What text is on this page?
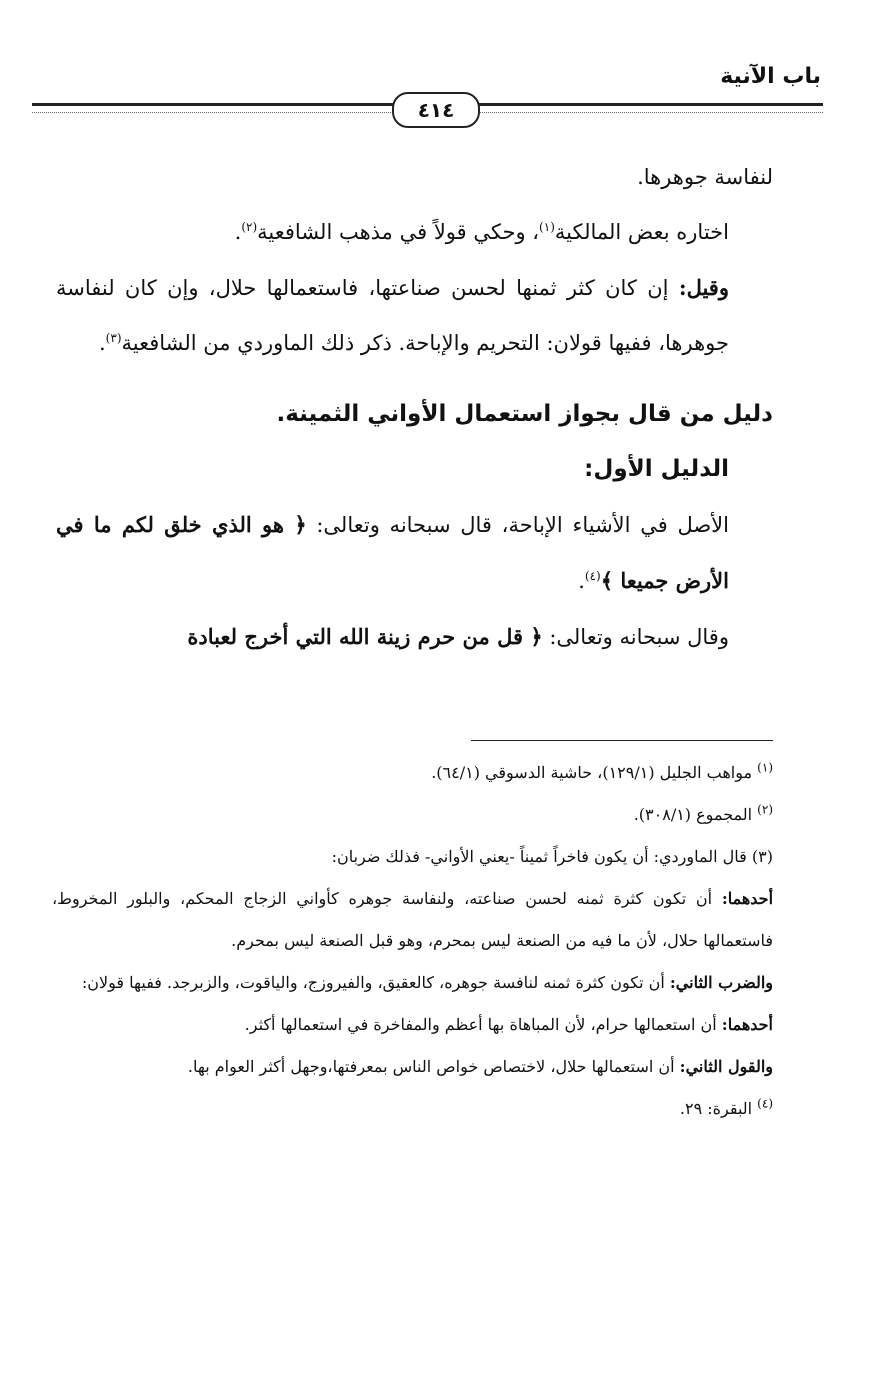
باب الآنية
٤١٤

لنفاسة جوهرها.

اختاره بعض المالكية$^{(١)}$، وحكي قولاً في مذهب الشافعية$^{(٢)}$.

وقيل: إن كان كثر ثمنها لحسن صناعتها، فاستعمالها حلال، وإن كان لنفاسة جوهرها، ففيها قولان: التحريم والإباحة. ذكر ذلك الماوردي من الشافعية$^{(٣)}$.

دليل من قال بجواز استعمال الأواني الثمينة.

الدليل الأول:

الأصل في الأشياء الإباحة، قال سبحانه وتعالى: ﴿ هو الذي خلق لكم ما في الأرض جميعا ﴾$^{(٤)}$.

وقال سبحانه وتعالى: ﴿ قل من حرم زينة الله التي أخرج لعبادة

$^{(١)}$ مواهب الجليل (١٢٩/١)، حاشية الدسوقي (٦٤/١).

$^{(٢)}$ المجموع (٣٠٨/١).

(٣) قال الماوردي: أن يكون فاخراً ثميناً -يعني الأواني- فذلك ضربان:

أحدهما: أن تكون كثرة ثمنه لحسن صناعته، ولنفاسة جوهره كأواني الزجاج المحكم، والبلور المخروط، فاستعمالها حلال، لأن ما فيه من الصنعة ليس بمحرم، وهو قبل الصنعة ليس بمحرم.

والضرب الثاني: أن تكون كثرة ثمنه لنافسة جوهره، كالعقيق، والفيروزج، والياقوت، والزبرجد. ففيها قولان:

أحدهما: أن استعمالها حرام، لأن المباهاة بها أعظم والمفاخرة في استعمالها أكثر.

والقول الثاني: أن استعمالها حلال، لاختصاص خواص الناس بمعرفتها،وجهل أكثر العوام بها.

$^{(٤)}$ البقرة: ٢٩.
